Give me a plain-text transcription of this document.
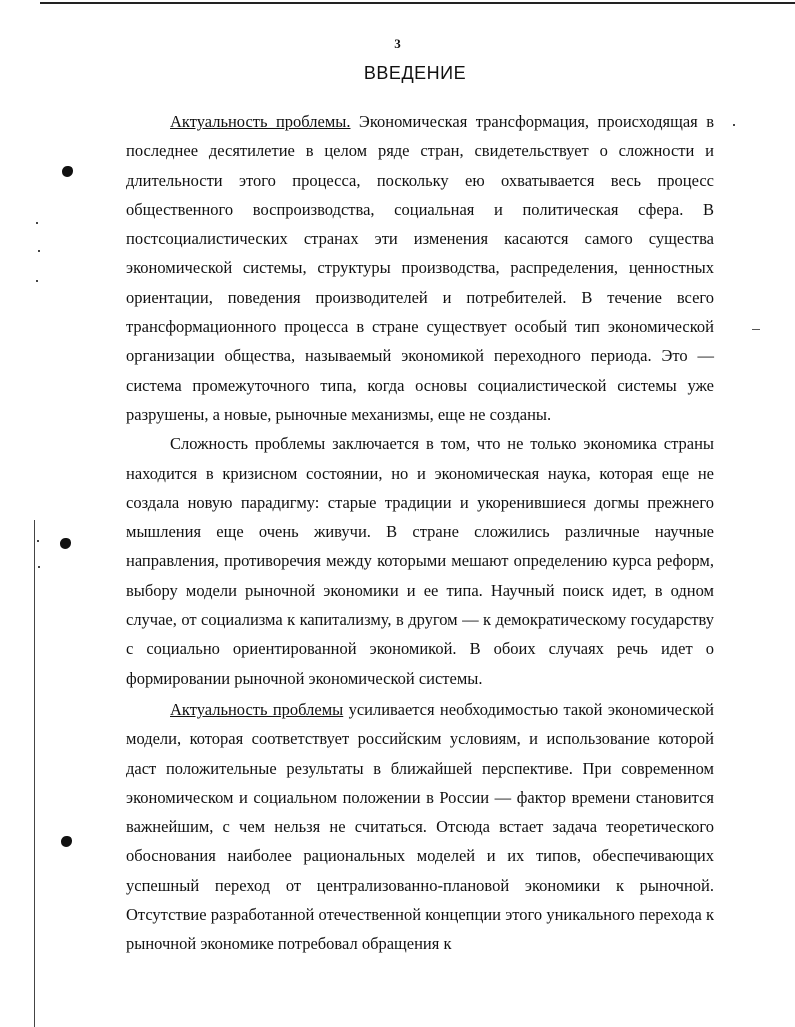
3
ВВЕДЕНИЕ

Актуальность проблемы. Экономическая трансформация, происходящая в последнее десятилетие в целом ряде стран, свидетельствует о сложности и длительности этого процесса, поскольку ею охватывается весь процесс общественного воспроизводства, социальная и политическая сфера. В постсоциалистических странах эти изменения касаются самого существа экономической системы, структуры производства, распределения, ценностных ориентации, поведения производителей и потребителей. В течение всего трансформационного процесса в стране существует особый тип экономической организации общества, называемый экономикой переходного периода. Это — система промежуточного типа, когда основы социалистической системы уже разрушены, а новые, рыночные механизмы, еще не созданы.

Сложность проблемы заключается в том, что не только экономика страны находится в кризисном состоянии, но и экономическая наука, которая еще не создала новую парадигму: старые традиции и укоренившиеся догмы прежнего мышления еще очень живучи. В стране сложились различные научные направления, противоречия между которыми мешают определению курса реформ, выбору модели рыночной экономики и ее типа. Научный поиск идет, в одном случае, от социализма к капитализму, в другом — к демократическому государству с социально ориентированной экономикой. В обоих случаях речь идет о формировании рыночной экономической системы.

Актуальность проблемы усиливается необходимостью такой экономической модели, которая соответствует российским условиям, и использование которой даст положительные результаты в ближайшей перспективе. При современном экономическом и социальном положении в России — фактор времени становится важнейшим, с чем нельзя не считаться. Отсюда встает задача теоретического обоснования наиболее рациональных моделей и их типов, обеспечивающих успешный переход от централизованно-плановой экономики к рыночной. Отсутствие разработанной отечественной концепции этого уникального перехода к рыночной экономике потребовал обращения к
